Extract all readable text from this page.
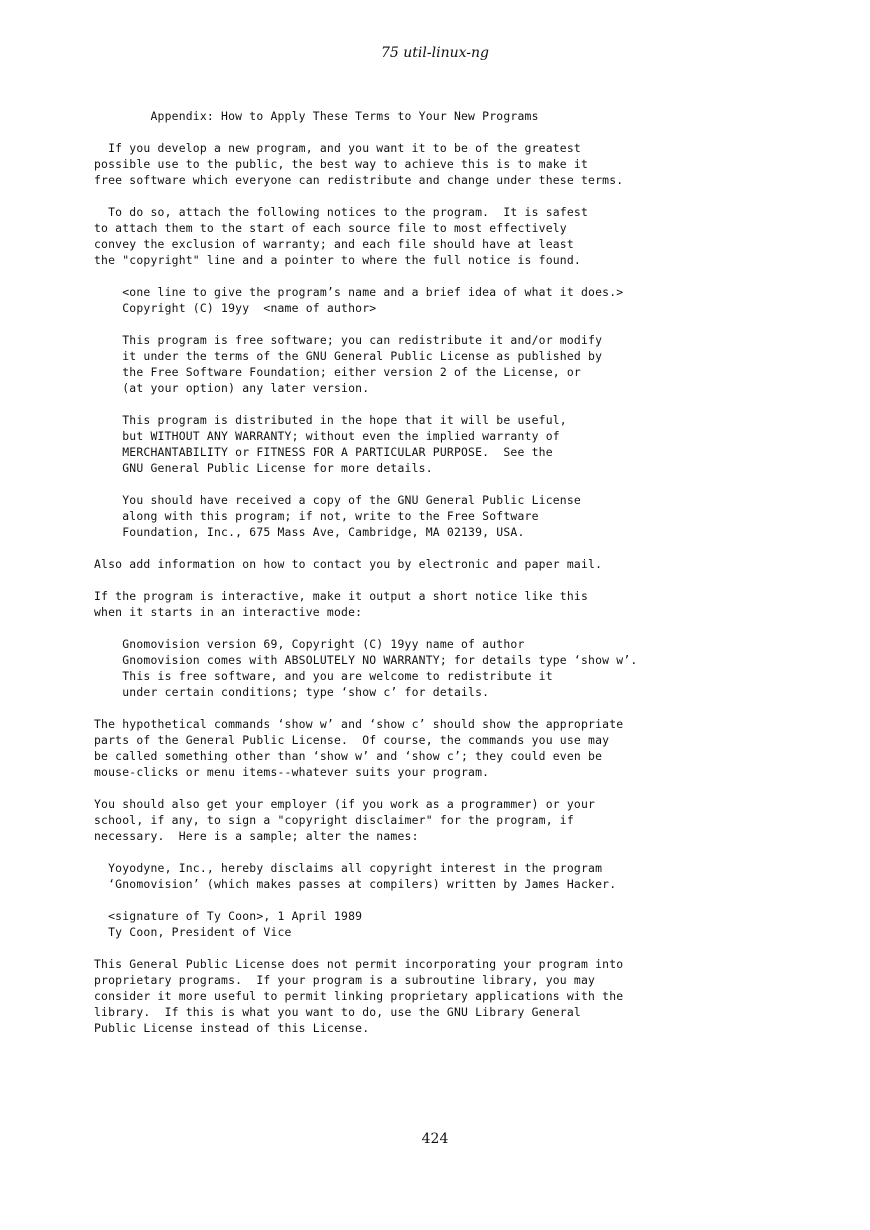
75 util-linux-ng
Appendix: How to Apply These Terms to Your New Programs
If you develop a new program, and you want it to be of the greatest
possible use to the public, the best way to achieve this is to make it
free software which everyone can redistribute and change under these terms.
To do so, attach the following notices to the program.  It is safest
to attach them to the start of each source file to most effectively
convey the exclusion of warranty; and each file should have at least
the "copyright" line and a pointer to where the full notice is found.
<one line to give the program’s name and a brief idea of what it does.>
Copyright (C) 19yy  <name of author>
This program is free software; you can redistribute it and/or modify
it under the terms of the GNU General Public License as published by
the Free Software Foundation; either version 2 of the License, or
(at your option) any later version.
This program is distributed in the hope that it will be useful,
but WITHOUT ANY WARRANTY; without even the implied warranty of
MERCHANTABILITY or FITNESS FOR A PARTICULAR PURPOSE.  See the
GNU General Public License for more details.
You should have received a copy of the GNU General Public License
along with this program; if not, write to the Free Software
Foundation, Inc., 675 Mass Ave, Cambridge, MA 02139, USA.
Also add information on how to contact you by electronic and paper mail.
If the program is interactive, make it output a short notice like this
when it starts in an interactive mode:
Gnomovision version 69, Copyright (C) 19yy name of author
Gnomovision comes with ABSOLUTELY NO WARRANTY; for details type ‘show w’.
This is free software, and you are welcome to redistribute it
under certain conditions; type ‘show c’ for details.
The hypothetical commands ‘show w’ and ‘show c’ should show the appropriate
parts of the General Public License.  Of course, the commands you use may
be called something other than ‘show w’ and ‘show c’; they could even be
mouse-clicks or menu items--whatever suits your program.
You should also get your employer (if you work as a programmer) or your
school, if any, to sign a "copyright disclaimer" for the program, if
necessary.  Here is a sample; alter the names:
Yoyodyne, Inc., hereby disclaims all copyright interest in the program
‘Gnomovision’ (which makes passes at compilers) written by James Hacker.
<signature of Ty Coon>, 1 April 1989
Ty Coon, President of Vice
This General Public License does not permit incorporating your program into
proprietary programs.  If your program is a subroutine library, you may
consider it more useful to permit linking proprietary applications with the
library.  If this is what you want to do, use the GNU Library General
Public License instead of this License.
424
